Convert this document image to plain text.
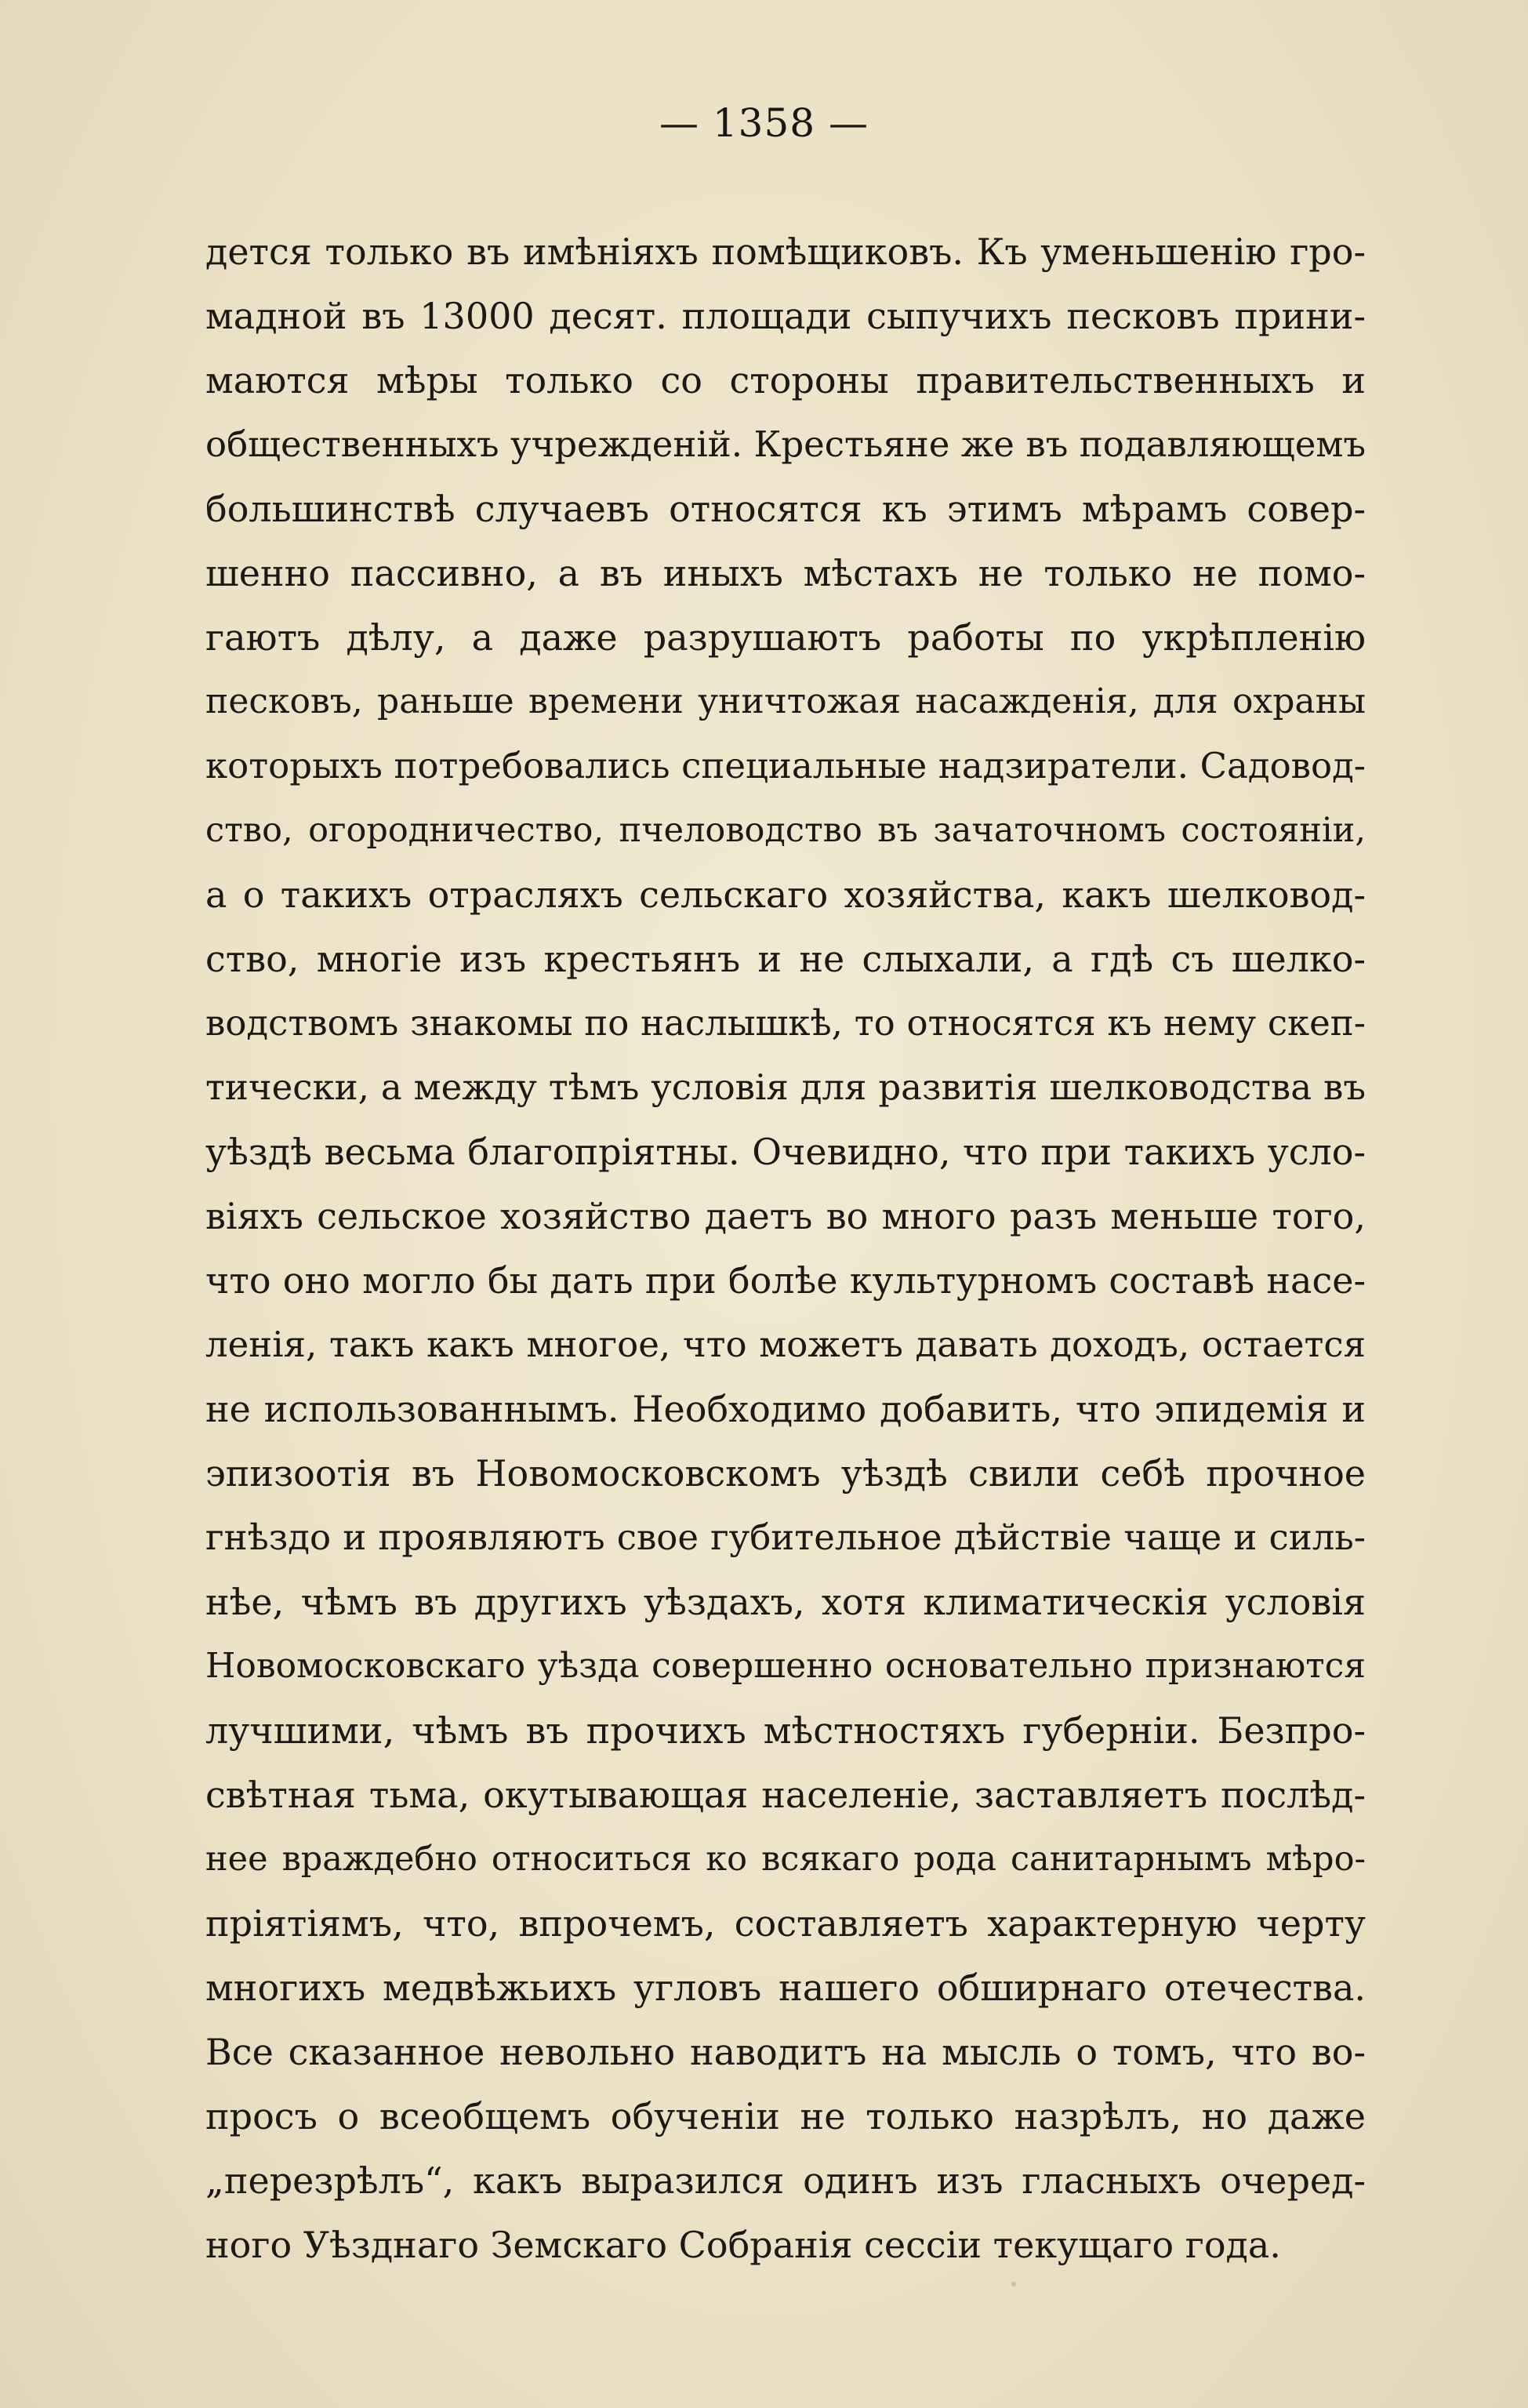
— 1358 —
дется только въ имѣніяхъ помѣщиковъ. Къ уменьшенію гро-
мадной въ 13000 десят. площади сыпучихъ песковъ прини-
маются мѣры только со стороны правительственныхъ и
общественныхъ учрежденій. Крестьяне же въ подавляющемъ
большинствѣ случаевъ относятся къ этимъ мѣрамъ совер-
шенно пассивно, а въ иныхъ мѣстахъ не только не помо-
гаютъ дѣлу, а даже разрушаютъ работы по укрѣпленію
песковъ, раньше времени уничтожая насажденія, для охраны
которыхъ потребовались специальные надзиратели. Садовод-
ство, огородничество, пчеловодство въ зачаточномъ состояніи,
а о такихъ отрасляхъ сельскаго хозяйства, какъ шелковод-
ство, многіе изъ крестьянъ и не слыхали, а гдѣ съ шелко-
водствомъ знакомы по наслышкѣ, то относятся къ нему скеп-
тически, а между тѣмъ условія для развитія шелководства въ
уѣздѣ весьма благопріятны. Очевидно, что при такихъ усло-
віяхъ сельское хозяйство даетъ во много разъ меньше того,
что оно могло бы дать при болѣе культурномъ составѣ насе-
ленія, такъ какъ многое, что можетъ давать доходъ, остается
не использованнымъ. Необходимо добавить, что эпидемія и
эпизоотія въ Новомосковскомъ уѣздѣ свили себѣ прочное
гнѣздо и проявляютъ свое губительное дѣйствіе чаще и силь-
нѣе, чѣмъ въ другихъ уѣздахъ, хотя климатическія условія
Новомосковскаго уѣзда совершенно основательно признаются
лучшими, чѣмъ въ прочихъ мѣстностяхъ губерніи. Безпро-
свѣтная тьма, окутывающая населеніе, заставляетъ послѣд-
нее враждебно относиться ко всякаго рода санитарнымъ мѣро-
пріятіямъ, что, впрочемъ, составляетъ характерную черту
многихъ медвѣжьихъ угловъ нашего обширнаго отечества.
Все сказанное невольно наводитъ на мысль о томъ, что во-
просъ о всеобщемъ обученіи не только назрѣлъ, но даже
„перезрѣлъ“, какъ выразился одинъ изъ гласныхъ очеред-
ного Уѣзднаго Земскаго Собранія сессіи текущаго года.
